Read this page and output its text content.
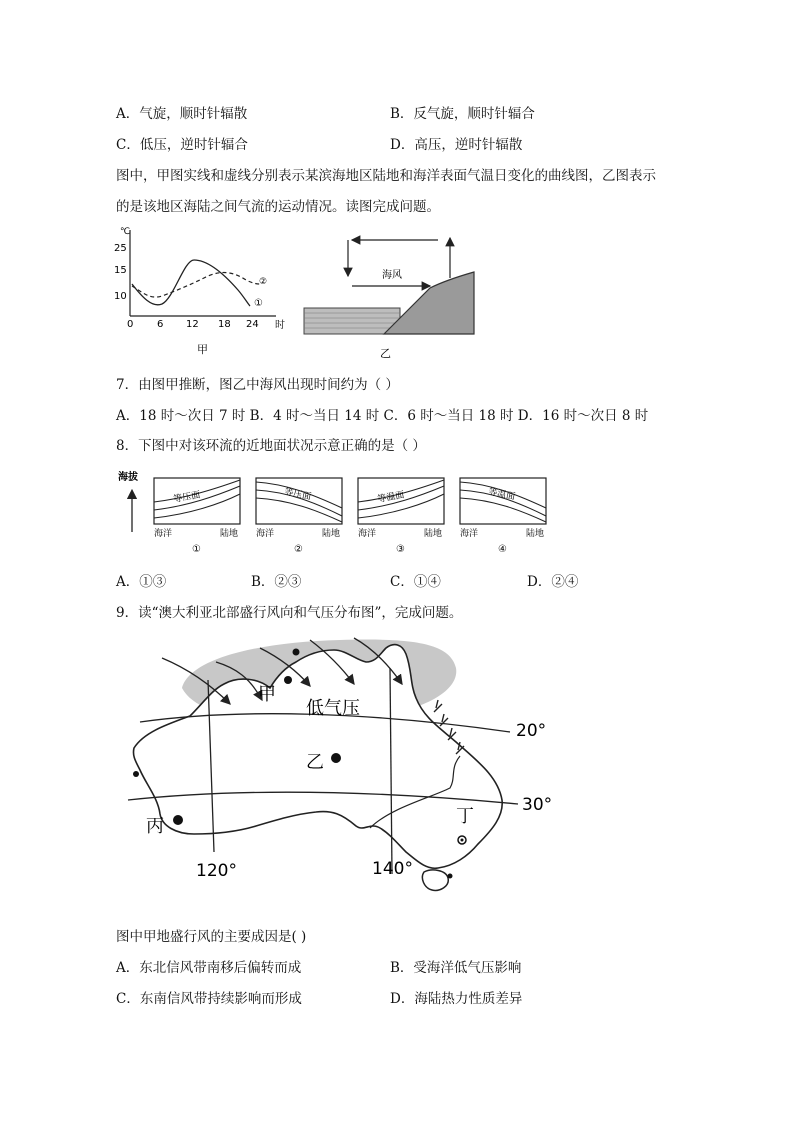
A．气旋，顺时针辐散	B．反气旋，顺时针辐合
C．低压，逆时针辐合	D．高压，逆时针辐散
图中，甲图实线和虚线分别表示某滨海地区陆地和海洋表面气温日变化的曲线图，乙图表示
的是该地区海陆之间气流的运动情况。读图完成问题。
℃
25
15
10
0 6 12 18 24 时
②
①
甲
海风
乙
7．由图甲推断，图乙中海风出现时间约为（ ）
A．18 时～次日 7 时 B．4 时～当日 14 时 C．6 时～当日 18 时 D．16 时～次日 8 时
8．下图中对该环流的近地面状况示意正确的是（ ）
海拔
等压面
海洋	陆地
①
等压面
海洋	陆地
②
等温面
海洋	陆地
③
等温面
海洋	陆地
④
A．①③	B．②③	C．①④	D．②④
9．读“澳大利亚北部盛行风向和气压分布图”，完成问题。
甲
低气压
乙
丙	丁
20°
30°
120°	140°
图中甲地盛行风的主要成因是( )
A．东北信风带南移后偏转而成	B．受海洋低气压影响
C．东南信风带持续影响而形成	D．海陆热力性质差异
